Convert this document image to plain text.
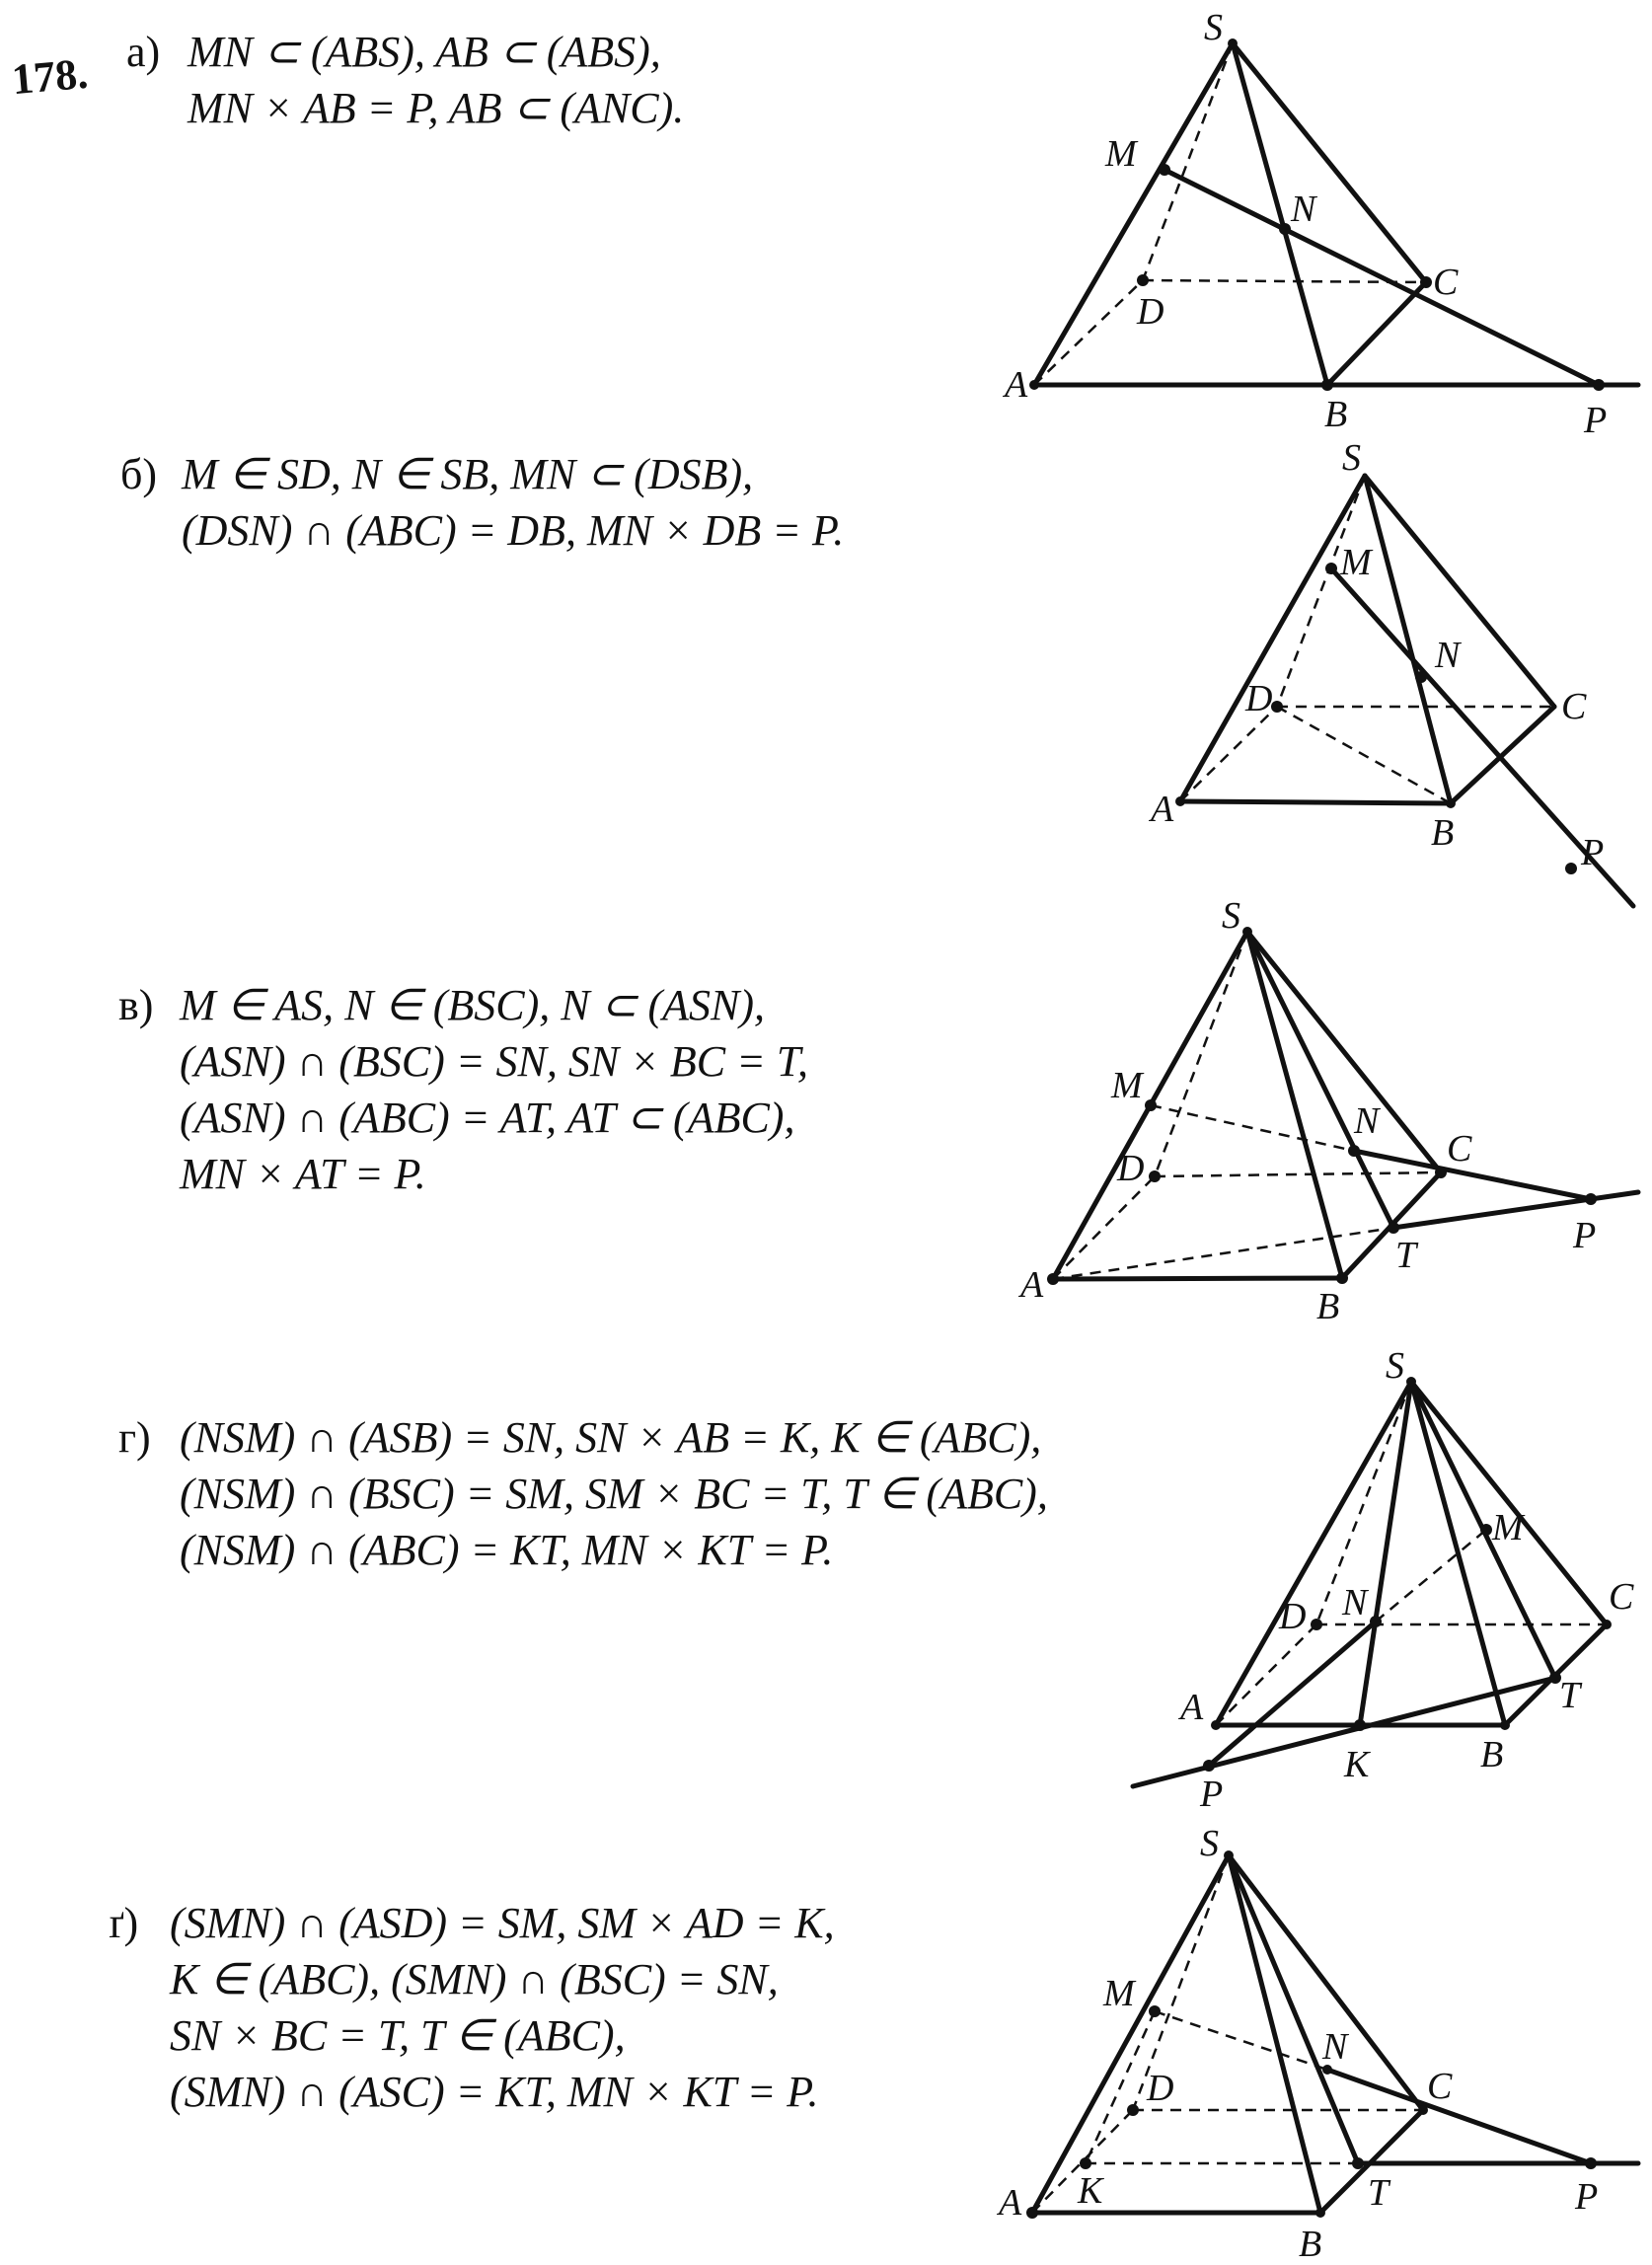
178. а) MN ⊂ (ABS), AB ⊂ (ABS),
MN × AB = P, AB ⊂ (ANC).
б) M ∈ SD, N ∈ SB, MN ⊂ (DSB),
(DSN) ∩ (ABC) = DB, MN × DB = P.
в) M ∈ AS, N ∈ (BSC), N ⊂ (ASN),
(ASN) ∩ (BSC) = SN, SN × BC = T,
(ASN) ∩ (ABC) = AT, AT ⊂ (ABC),
MN × AT = P.
г) (NSM) ∩ (ASB) = SN, SN × AB = K, K ∈ (ABC),
(NSM) ∩ (BSC) = SM, SM × BC = T, T ∈ (ABC),
(NSM) ∩ (ABC) = KT, MN × KT = P.
ґ) (SMN) ∩ (ASD) = SM, SM × AD = K,
K ∈ (ABC), (SMN) ∩ (BSC) = SN,
SN × BC = T, T ∈ (ABC),
(SMN) ∩ (ASC) = KT, MN × KT = P.
S
M
N
C
D
A
B	P
S
M
N
C
D
A
B	P
S
M
N
C
D
T	P
A
B
S
M
C
D N
T
A
B
K
P
S
M
N
C
D
K	T	P
A
B
